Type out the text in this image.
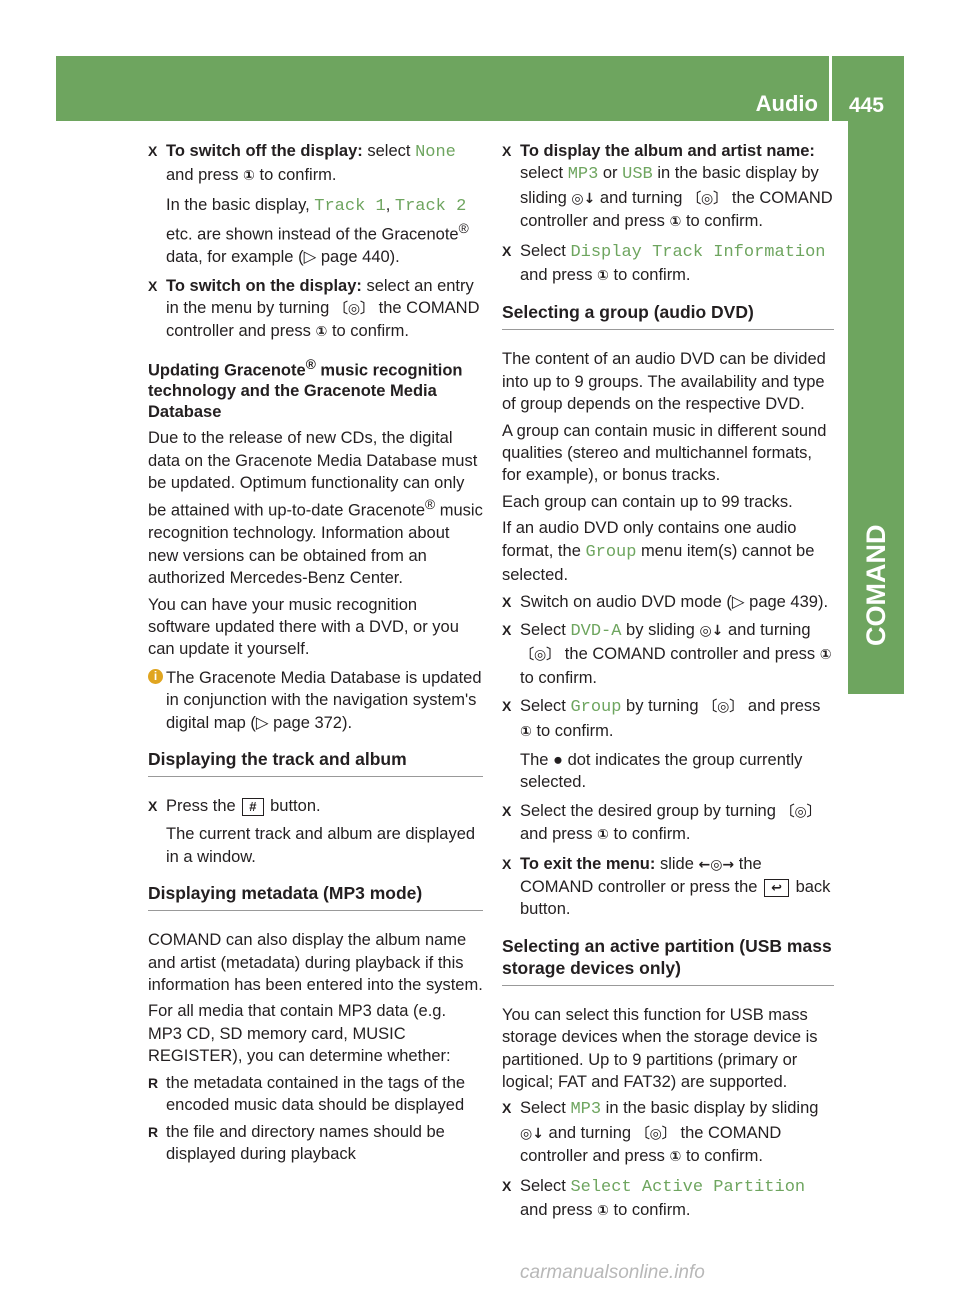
Audio 445
COMAND
X To switch off the display: select None and press ① to confirm.
In the basic display, Track 1, Track 2 etc. are shown instead of the Gracenote® data, for example (▷ page 440).
X To switch on the display: select an entry in the menu by turning 〔◎〕 the COMAND controller and press ① to confirm.
Updating Gracenote® music recognition technology and the Gracenote Media Database

Due to the release of new CDs, the digital data on the Gracenote Media Database must be updated. Optimum functionality can only be attained with up-to-date Gracenote® music recognition technology. Information about new versions can be obtained from an authorized Mercedes-Benz Center.

You can have your music recognition software updated there with a DVD, or you can update it yourself.

i The Gracenote Media Database is updated in conjunction with the navigation system's digital map (▷ page 372).
Displaying the track and album
X Press the # button.
The current track and album are displayed in a window.
Displaying metadata (MP3 mode)

COMAND can also display the album name and artist (metadata) during playback if this information has been entered into the system.

For all media that contain MP3 data (e.g. MP3 CD, SD memory card, MUSIC REGISTER), you can determine whether:

R the metadata contained in the tags of the encoded music data should be displayed
R the file and directory names should be displayed during playback
X To display the album and artist name: select MP3 or USB in the basic display by sliding ◎↓ and turning 〔◎〕 the COMAND controller and press ① to confirm.
X Select Display Track Information and press ① to confirm.
Selecting a group (audio DVD)

The content of an audio DVD can be divided into up to 9 groups. The availability and type of group depends on the respective DVD.

A group can contain music in different sound qualities (stereo and multichannel formats, for example), or bonus tracks.

Each group can contain up to 99 tracks.

If an audio DVD only contains one audio format, the Group menu item(s) cannot be selected.

X Switch on audio DVD mode (▷ page 439).
X Select DVD-A by sliding ◎↓ and turning 〔◎〕 the COMAND controller and press ① to confirm.
X Select Group by turning 〔◎〕 and press ① to confirm.
The ● dot indicates the group currently selected.
X Select the desired group by turning 〔◎〕 and press ① to confirm.
X To exit the menu: slide ←◎→ the COMAND controller or press the ↩ back button.
Selecting an active partition (USB mass storage devices only)

You can select this function for USB mass storage devices when the storage device is partitioned. Up to 9 partitions (primary or logical; FAT and FAT32) are supported.

X Select MP3 in the basic display by sliding ◎↓ and turning 〔◎〕 the COMAND controller and press ① to confirm.
X Select Select Active Partition and press ① to confirm.
carmanualsonline.info
